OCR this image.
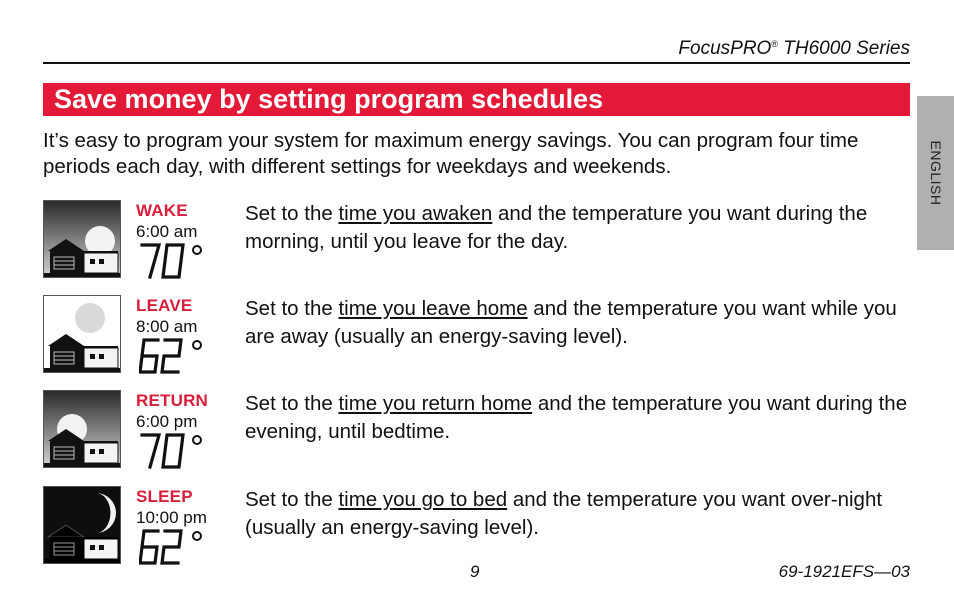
FocusPRO® TH6000 Series
Save money by setting program schedules
ENGLISH
It’s easy to program your system for maximum energy savings. You can program four time periods each day, with different settings for weekdays and weekends.
WAKE
6:00 am
Set to the time you awaken and the temperature you want during the morning, until you leave for the day.
LEAVE
8:00 am
Set to the time you leave home and the temperature you want while you are away (usually an energy-saving level).
RETURN
6:00 pm
Set to the time you return home and the temperature you want during the evening, until bedtime.
SLEEP
10:00 pm
Set to the time you go to bed and the temperature you want over-night (usually an energy-saving level).
9	69-1921EFS—03
